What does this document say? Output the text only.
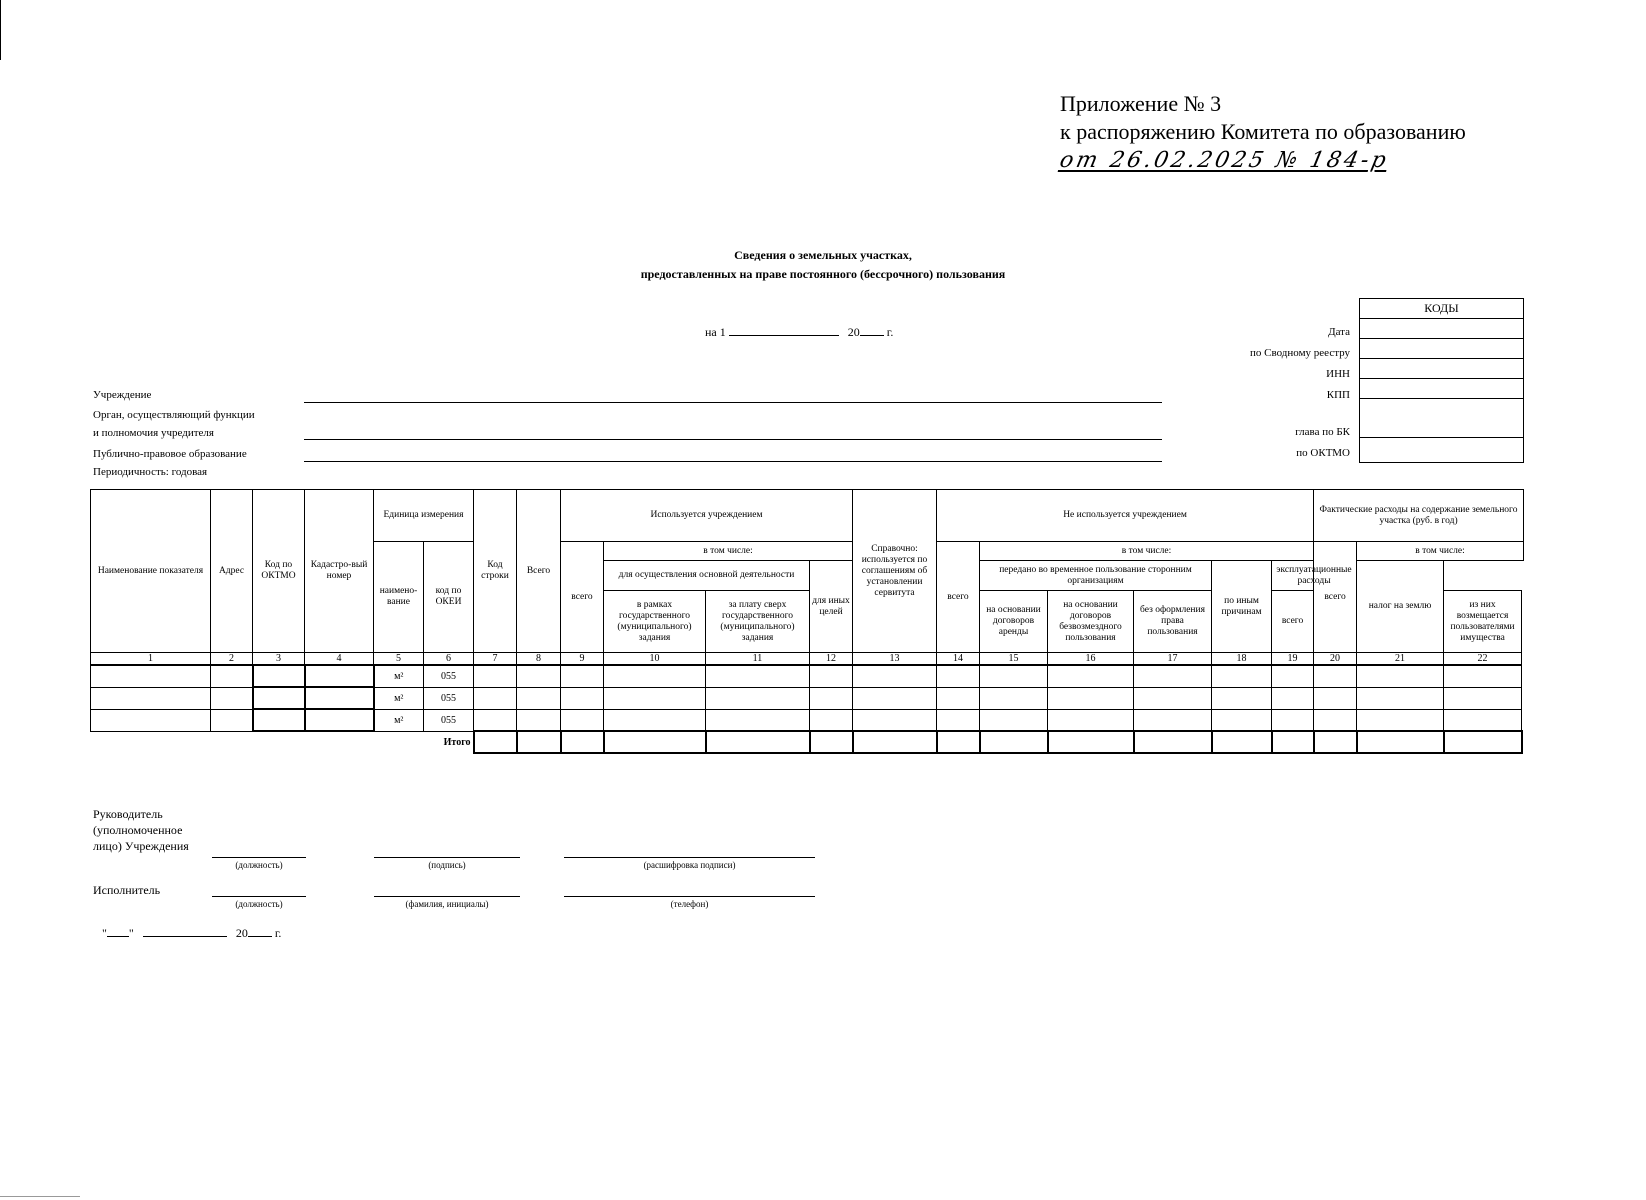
Приложение № 3
к распоряжению Комитета по образованию
от 26.02.2025 № 184-р
Сведения о земельных участках,
предоставленных на праве постоянного (бессрочного) пользования
на 1	20 г.
КОДЫ

Дата
по Сводному реестру
ИНН
КПП
глава по БК
по ОКТМО
Учреждение
Орган, осуществляющий функции
и полномочия учредителя
Публично-правовое образование
Периодичность: годовая
Наименование показателя	Адрес	Код по ОКТМО	Кадастро-вый номер	Единица измерения		Код строки	Всего	Используется учреждением				Справочно: используется по соглашениям об установлении сервитута	Не используется учреждением						Фактические расходы на содержание земельного участка (руб. в год)		
				наимено-вание	код по ОКЕИ			всего	в том числе:				всего	в том числе:					всего	в том числе:	
									для осуществления основной деятельности		для иных целей			передано во временное пользование сторонним организациям			по иным причинам	эксплуатационные расходы		налог на землю	
									в рамках государственного (муниципального) задания	за плату сверх государственного (муниципального) задания				на основании договоров аренды	на основании договоров безвозмездного пользования	без оформления права пользования		всего			из них возмещается пользователями имущества
1	2	3	4	5	6	7	8	9	10	11	12	13	14	15	16	17	18	19	20	21	22
				м²	055																
				м²	055																
				м²	055																
					Итого																
Руководитель
(уполномоченное
лицо) Учреждения
(должность)	(подпись)	(расшифровка подписи)
Исполнитель
(должность)	(фамилия, инициалы)	(телефон)
" "	20 г.
